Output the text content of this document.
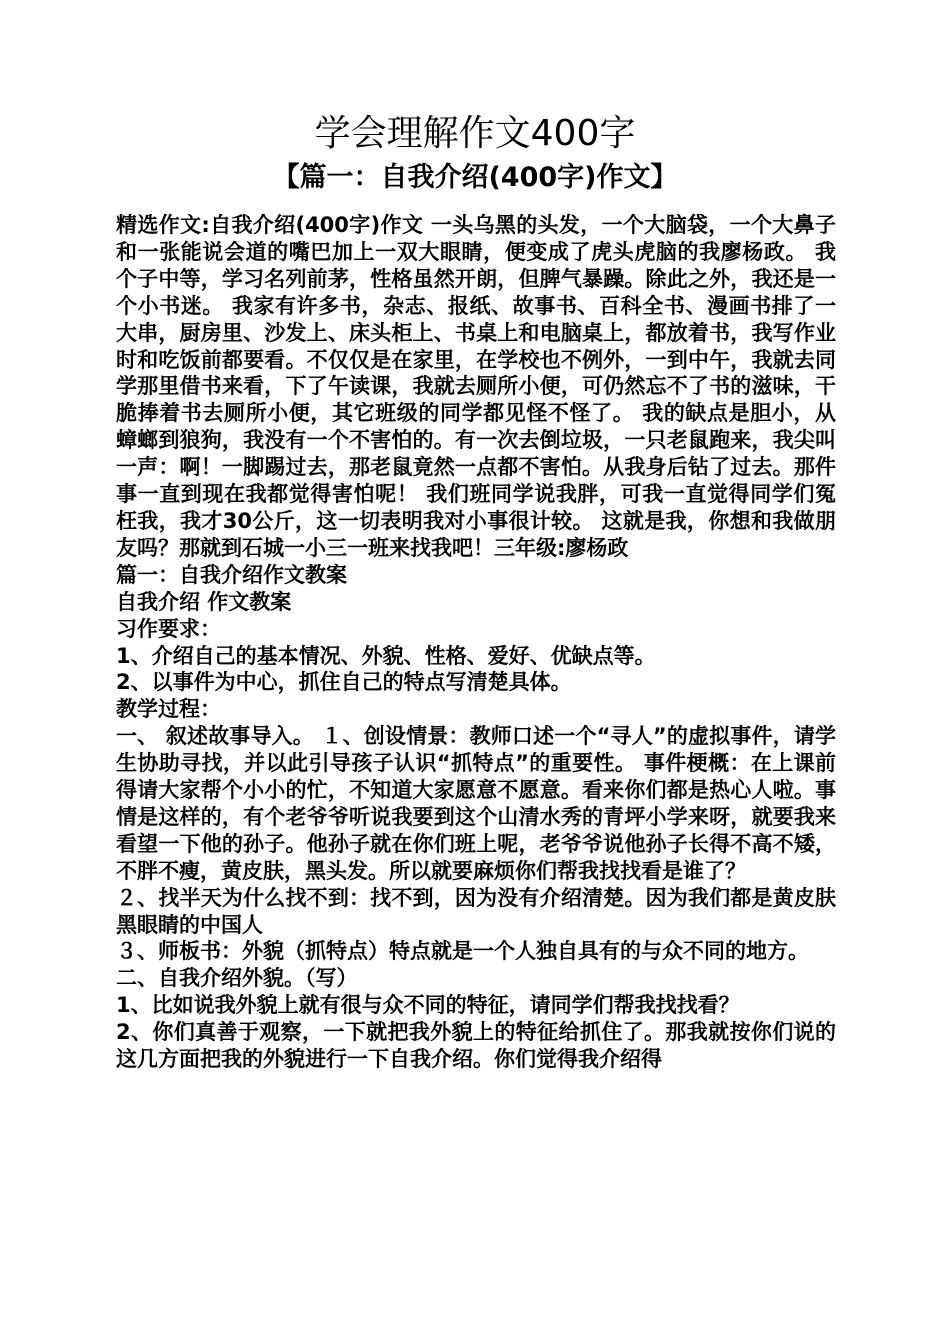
学会理解作文400字
【篇一：自我介绍(400字)作文】

精选作文:自我介绍(400字)作文 一头乌黑的头发，一个大脑袋，一个大鼻子和一张能说会道的嘴巴加上一双大眼睛，便变成了虎头虎脑的我廖杨政。 我个子中等，学习名列前茅，性格虽然开朗，但脾气暴躁。除此之外，我还是一个小书迷。 我家有许多书，杂志、报纸、故事书、百科全书、漫画书排了一大串，厨房里、沙发上、床头柜上、书桌上和电脑桌上，都放着书，我写作业时和吃饭前都要看。不仅仅是在家里，在学校也不例外，一到中午，我就去同学那里借书来看，下了午读课，我就去厕所小便，可仍然忘不了书的滋味，干脆捧着书去厕所小便，其它班级的同学都见怪不怪了。 我的缺点是胆小，从蟑螂到狼狗，我没有一个不害怕的。有一次去倒垃圾，一只老鼠跑来，我尖叫一声：啊！一脚踢过去，那老鼠竟然一点都不害怕。从我身后钻了过去。那件事一直到现在我都觉得害怕呢！ 我们班同学说我胖，可我一直觉得同学们冤枉我，我才30公斤，这一切表明我对小事很计较。 这就是我，你想和我做朋友吗？那就到石城一小三一班来找我吧！三年级:廖杨政

篇一：自我介绍作文教案

自我介绍 作文教案

习作要求：

1、介绍自己的基本情况、外貌、性格、爱好、优缺点等。

2、以事件为中心，抓住自己的特点写清楚具体。

教学过程：

一、 叙述故事导入。 １、创设情景：教师口述一个“寻人”的虚拟事件，请学生协助寻找，并以此引导孩子认识“抓特点”的重要性。 事件梗概：在上课前得请大家帮个小小的忙，不知道大家愿意不愿意。看来你们都是热心人啦。事情是这样的，有个老爷爷听说我要到这个山清水秀的青坪小学来呀，就要我来看望一下他的孙子。他孙子就在你们班上呢，老爷爷说他孙子长得不高不矮，不胖不瘦，黄皮肤，黑头发。所以就要麻烦你们帮我找找看是谁了？

２、找半天为什么找不到：找不到，因为没有介绍清楚。因为我们都是黄皮肤黑眼睛的中国人

３、师板书：外貌（抓特点）特点就是一个人独自具有的与众不同的地方。

二、自我介绍外貌。（写）

1、比如说我外貌上就有很与众不同的特征，请同学们帮我找找看？

2、你们真善于观察，一下就把我外貌上的特征给抓住了。那我就按你们说的这几方面把我的外貌进行一下自我介绍。你们觉得我介绍得
